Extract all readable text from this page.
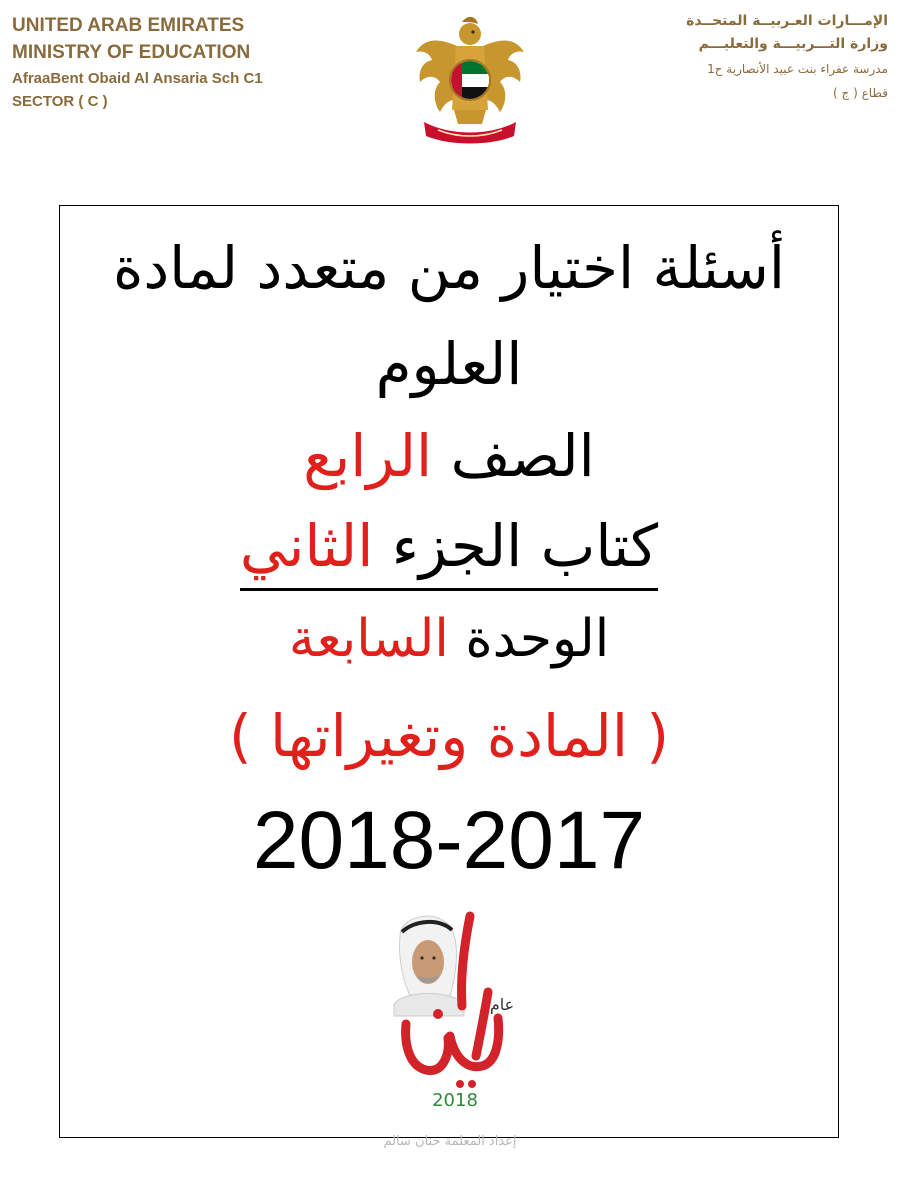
UNITED ARAB EMIRATES
MINISTRY OF EDUCATION
AfraaBent Obaid Al Ansaria Sch C1
SECTOR ( C )
الإمـــارات العـربيــة المتحــدة
وزارة التـــربيـــة والتعليـــم
مدرسة عفراء بنت عبيد الأنصارية ح1
قطاع ( ج )
أسئلة اختيار من متعدد لمادة
العلوم
الصف الرابع
كتاب الجزء الثاني
الوحدة السابعة
( المادة وتغيراتها )
2018-2017
عام
2018
إعداد المعلمة حنان سالم
